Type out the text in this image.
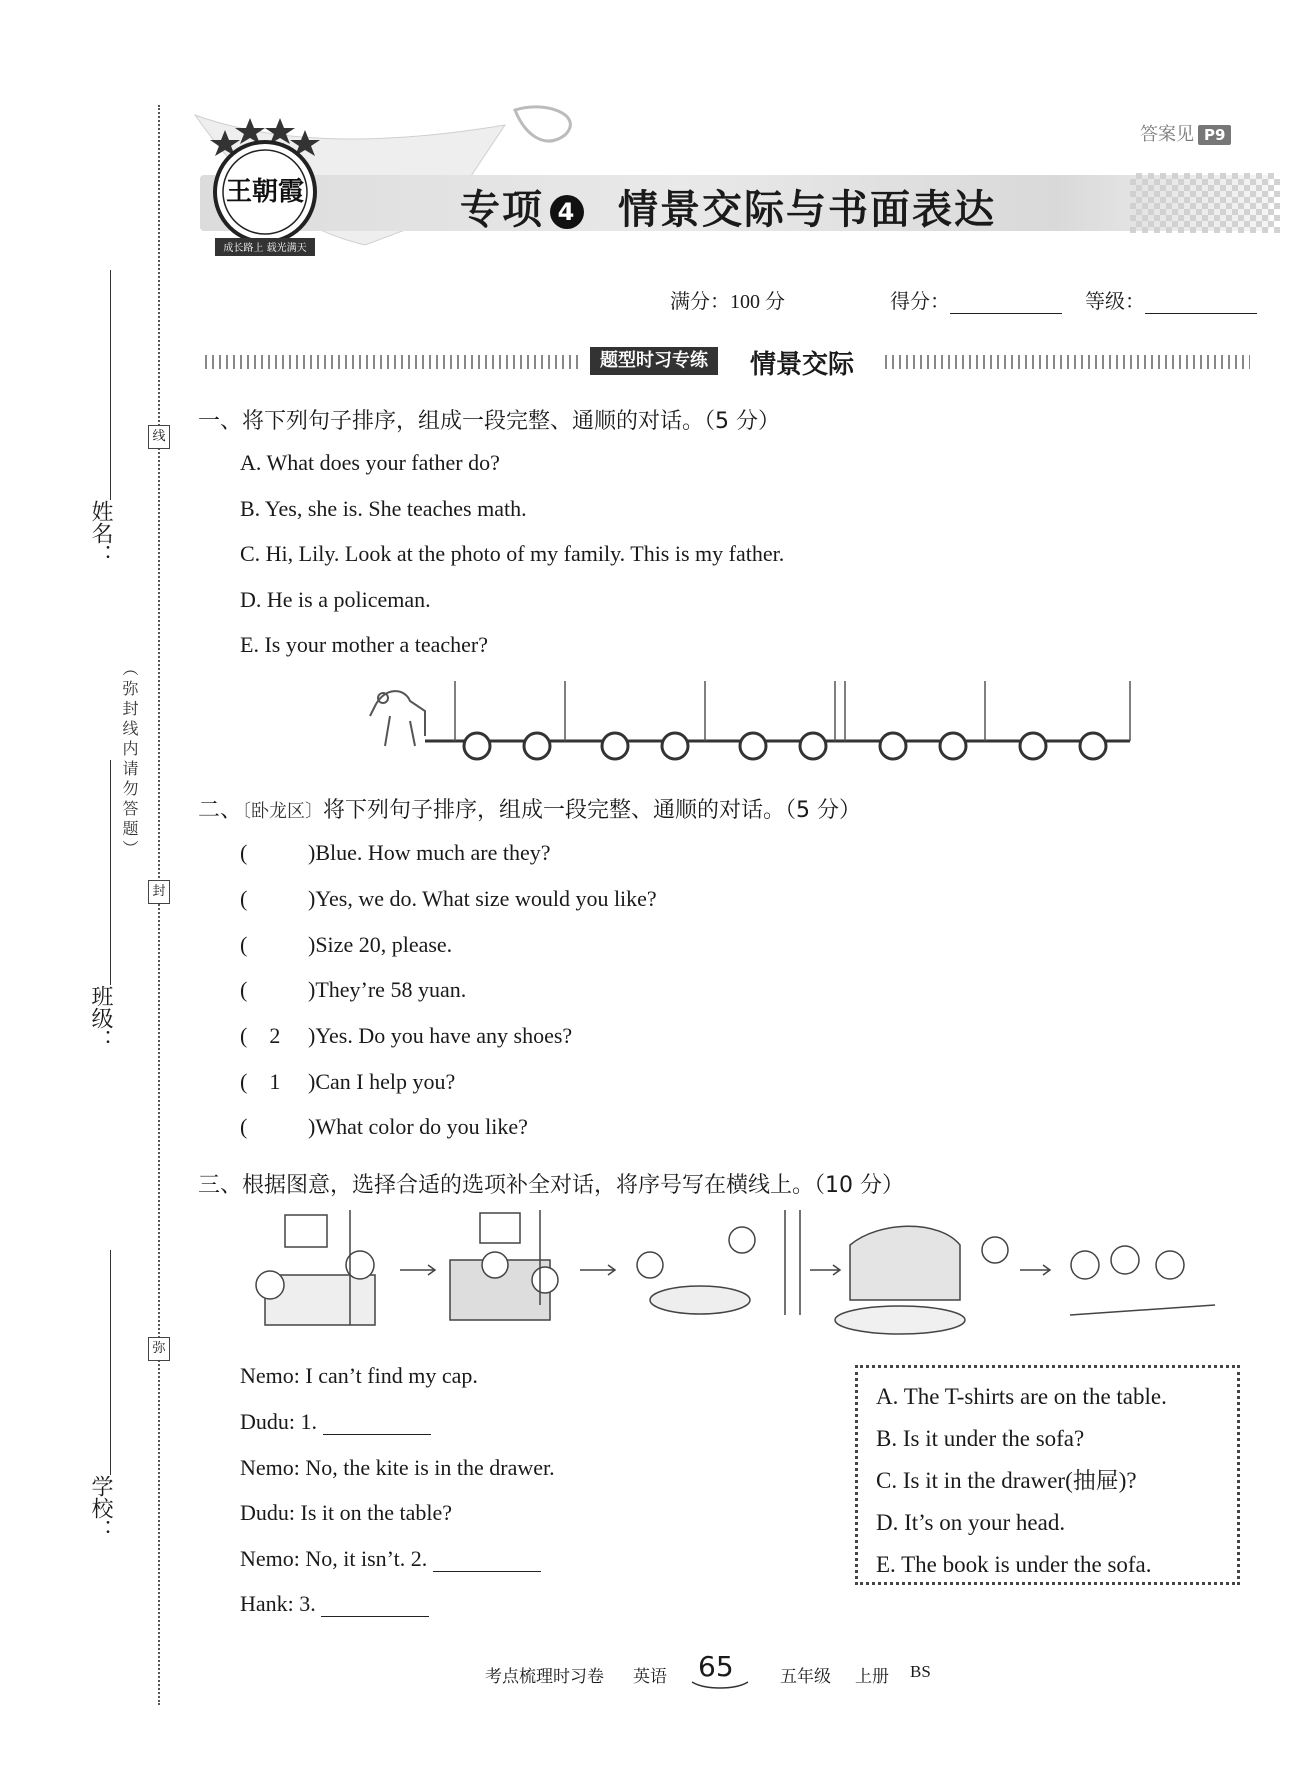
线
封
弥
（弥封线内请勿答题）
姓名：
班级：
学校：
答案见 P9
王朝霞
成长路上 载光满天
专项 4 情景交际与书面表达
满分：100 分	得分：	等级：
题型时习专练	情景交际
一、将下列句子排序，组成一段完整、通顺的对话。（5 分）
A. What does your father do?
B. Yes, she is. She teaches math.
C. Hi, Lily. Look at the photo of my family. This is my father.
D. He is a policeman.
E. Is your mother a teacher?
二、〔卧龙区〕将下列句子排序，组成一段完整、通顺的对话。（5 分）
(	)Blue. How much are they?
(	)Yes, we do. What size would you like?
(	)Size 20, please.
(	)They’re 58 yuan.
( 2 )Yes. Do you have any shoes?
( 1 )Can I help you?
(	)What color do you like?
三、根据图意，选择合适的选项补全对话，将序号写在横线上。（10 分）
Nemo: I can’t find my cap.
Dudu: 1.
Nemo: No, the kite is in the drawer.
Dudu: Is it on the table?
Nemo: No, it isn’t. 2.
Hank: 3.
A. The T-shirts are on the table.
B. Is it under the sofa?
C. Is it in the drawer(抽屉)?
D. It’s on your head.
E. The book is under the sofa.
考点梳理时习卷 英语 65	五年级 上册 BS
